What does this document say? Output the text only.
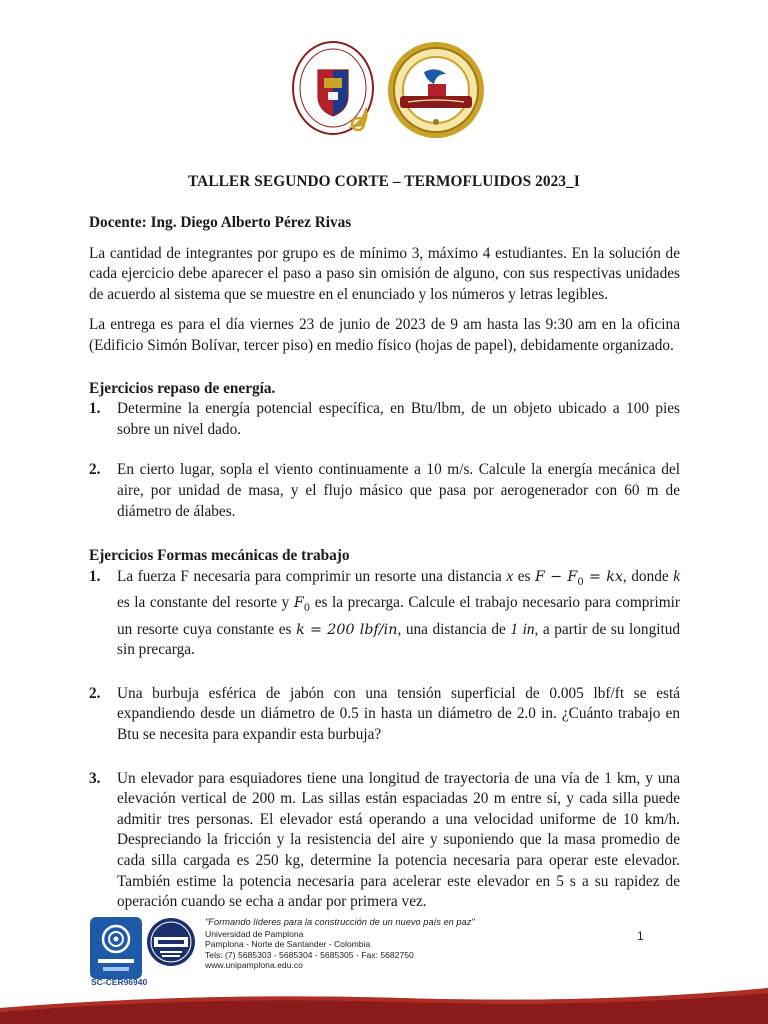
TALLER SEGUNDO CORTE – TERMOFLUIDOS 2023_I

Docente: Ing. Diego Alberto Pérez Rivas

La cantidad de integrantes por grupo es de mínimo 3, máximo 4 estudiantes. En la solución de cada ejercicio debe aparecer el paso a paso sin omisión de alguno, con sus respectivas unidades de acuerdo al sistema que se muestre en el enunciado y los números y letras legibles.

La entrega es para el día viernes 23 de junio de 2023 de 9 am hasta las 9:30 am en la oficina (Edificio Simón Bolívar, tercer piso) en medio físico (hojas de papel), debidamente organizado.

Ejercicios repaso de energía.

1. Determine la energía potencial específica, en Btu/lbm, de un objeto ubicado a 100 pies sobre un nivel dado.
2. En cierto lugar, sopla el viento continuamente a 10 m/s. Calcule la energía mecánica del aire, por unidad de masa, y el flujo másico que pasa por aerogenerador con 60 m de diámetro de álabes.

Ejercicios Formas mecánicas de trabajo

1. La fuerza F necesaria para comprimir un resorte una distancia x es $F - F_0$ = kx, donde k es la constante del resorte y $F_0$ es la precarga. Calcule el trabajo necesario para comprimir un resorte cuya constante es k = 200 lbf/in, una distancia de 1 in, a partir de su longitud sin precarga.
2. Una burbuja esférica de jabón con una tensión superficial de 0.005 lbf/ft se está expandiendo desde un diámetro de 0.5 in hasta un diámetro de 2.0 in. ¿Cuánto trabajo en Btu se necesita para expandir esta burbuja?
3. Un elevador para esquiadores tiene una longitud de trayectoria de una vía de 1 km, y una elevación vertical de 200 m. Las sillas están espaciadas 20 m entre sí, y cada silla puede admitir tres personas. El elevador está operando a una velocidad uniforme de 10 km/h. Despreciando la fricción y la resistencia del aire y suponiendo que la masa promedio de cada silla cargada es 250 kg, determine la potencia necesaria para operar este elevador. También estime la potencia necesaria para acelerar este elevador en 5 s a su rapidez de operación cuando se echa a andar por primera vez.
SC-CER96940
"Formando líderes para la construcción de un nuevo país en paz"
Universidad de Pamplona
Pamplona - Norte de Santander - Colombia
Tels: (7) 5685303 - 5685304 - 5685305 - Fax: 5682750
www.unipamplona.edu.co
1
